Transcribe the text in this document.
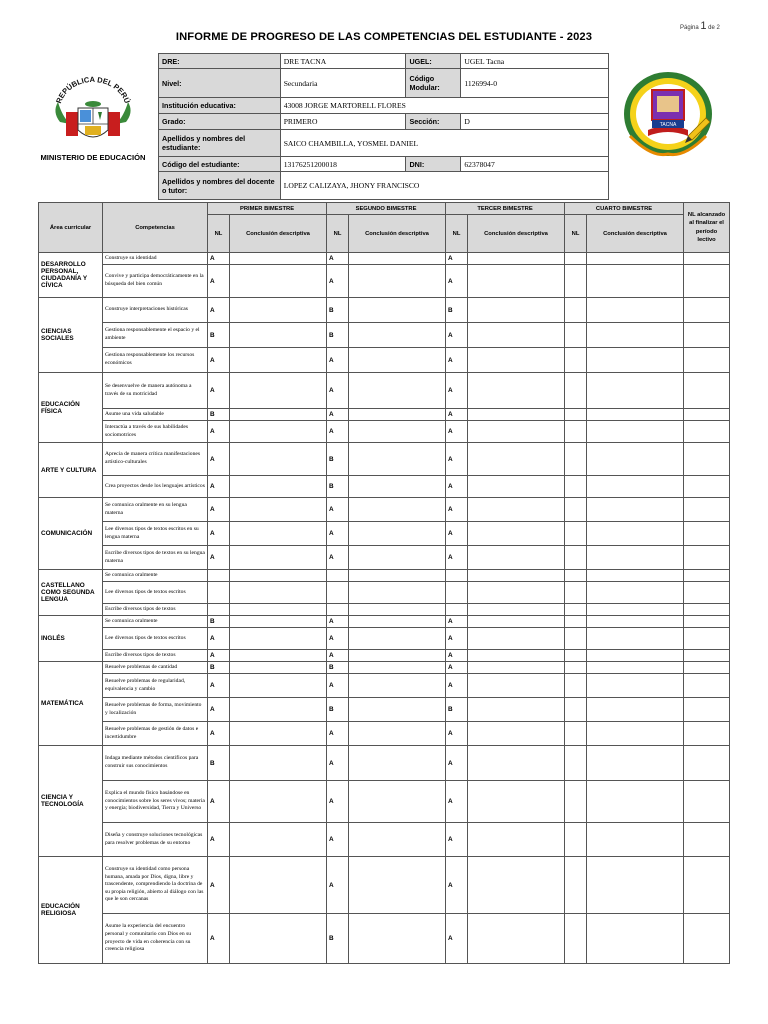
Página 1 de 2
INFORME DE PROGRESO DE LAS COMPETENCIAS DEL ESTUDIANTE - 2023
REPÚBLICA DEL PERÚ
MINISTERIO DE EDUCACIÓN
TACNA
DRE:	DRE TACNA	UGEL:	UGEL Tacna
Nivel:	Secundaria	Código Modular:	1126994-0
Institución educativa:	43008 JORGE MARTORELL FLORES		
Grado:	PRIMERO	Sección:	D
Apellidos y nombres del estudiante:	SAICO CHAMBILLA, YOSMEL DANIEL		
Código del estudiante:	13176251200018	DNI:	62378047
Apellidos y nombres del docente o tutor:	LOPEZ CALIZAYA, JHONY FRANCISCO		
Área curricular	Competencias	PRIMER BIMESTRE		SEGUNDO BIMESTRE		TERCER BIMESTRE		CUARTO BIMESTRE		NL alcanzado al finalizar el período lectivo
		NL	Conclusión descriptiva	NL	Conclusión descriptiva	NL	Conclusión descriptiva	NL	Conclusión descriptiva	
DESARROLLO PERSONAL, CIUDADANÍA Y CÍVICA	Construye su identidad	A		A		A				
	Convive y participa democráticamente en la búsqueda del bien común	A		A		A				
CIENCIAS SOCIALES	Construye interpretaciones históricas	A		B		B				
	Gestiona responsablemente el espacio y el ambiente	B		B		A				
	Gestiona responsablemente los recursos económicos	A		A		A				
EDUCACIÓN FÍSICA	Se desenvuelve de manera autónoma a través de su motricidad	A		A		A				
	Asume una vida saludable	B		A		A				
	Interactúa a través de sus habilidades sociomotrices	A		A		A				
ARTE Y CULTURA	Aprecia de manera crítica manifestaciones artístico-culturales	A		B		A				
	Crea proyectos desde los lenguajes artísticos	A		B		A				
COMUNICACIÓN	Se comunica oralmente en su lengua materna	A		A		A				
	Lee diversos tipos de textos escritos en su lengua materna	A		A		A				
	Escribe diversos tipos de textos en su lengua materna	A		A		A				
CASTELLANO COMO SEGUNDA LENGUA	Se comunica oralmente									
	Lee diversos tipos de textos escritos									
	Escribe diversos tipos de textos									
INGLÉS	Se comunica oralmente	B		A		A				
	Lee diversos tipos de textos escritos	A		A		A				
	Escribe diversos tipos de textos	A		A		A				
MATEMÁTICA	Resuelve problemas de cantidad	B		B		A				
	Resuelve problemas de regularidad, equivalencia y cambio	A		A		A				
	Resuelve problemas de forma, movimiento y localización	A		B		B				
	Resuelve problemas de gestión de datos e incertidumbre	A		A		A				
CIENCIA Y TECNOLOGÍA	Indaga mediante métodos científicos para construir sus conocimientos	B		A		A				
	Explica el mundo físico basándose en conocimientos sobre los seres vivos; materia y energía; biodiversidad, Tierra y Universo	A		A		A				
	Diseña y construye soluciones tecnológicas para resolver problemas de su entorno	A		A		A				
EDUCACIÓN RELIGIOSA	Construye su identidad como persona humana, amada por Dios, digna, libre y trascendente, comprendiendo la doctrina de su propia religión, abierto al diálogo con las que le son cercanas	A		A		A				
	Asume la experiencia del encuentro personal y comunitario con Dios en su proyecto de vida en coherencia con su creencia religiosa	A		B		A				
